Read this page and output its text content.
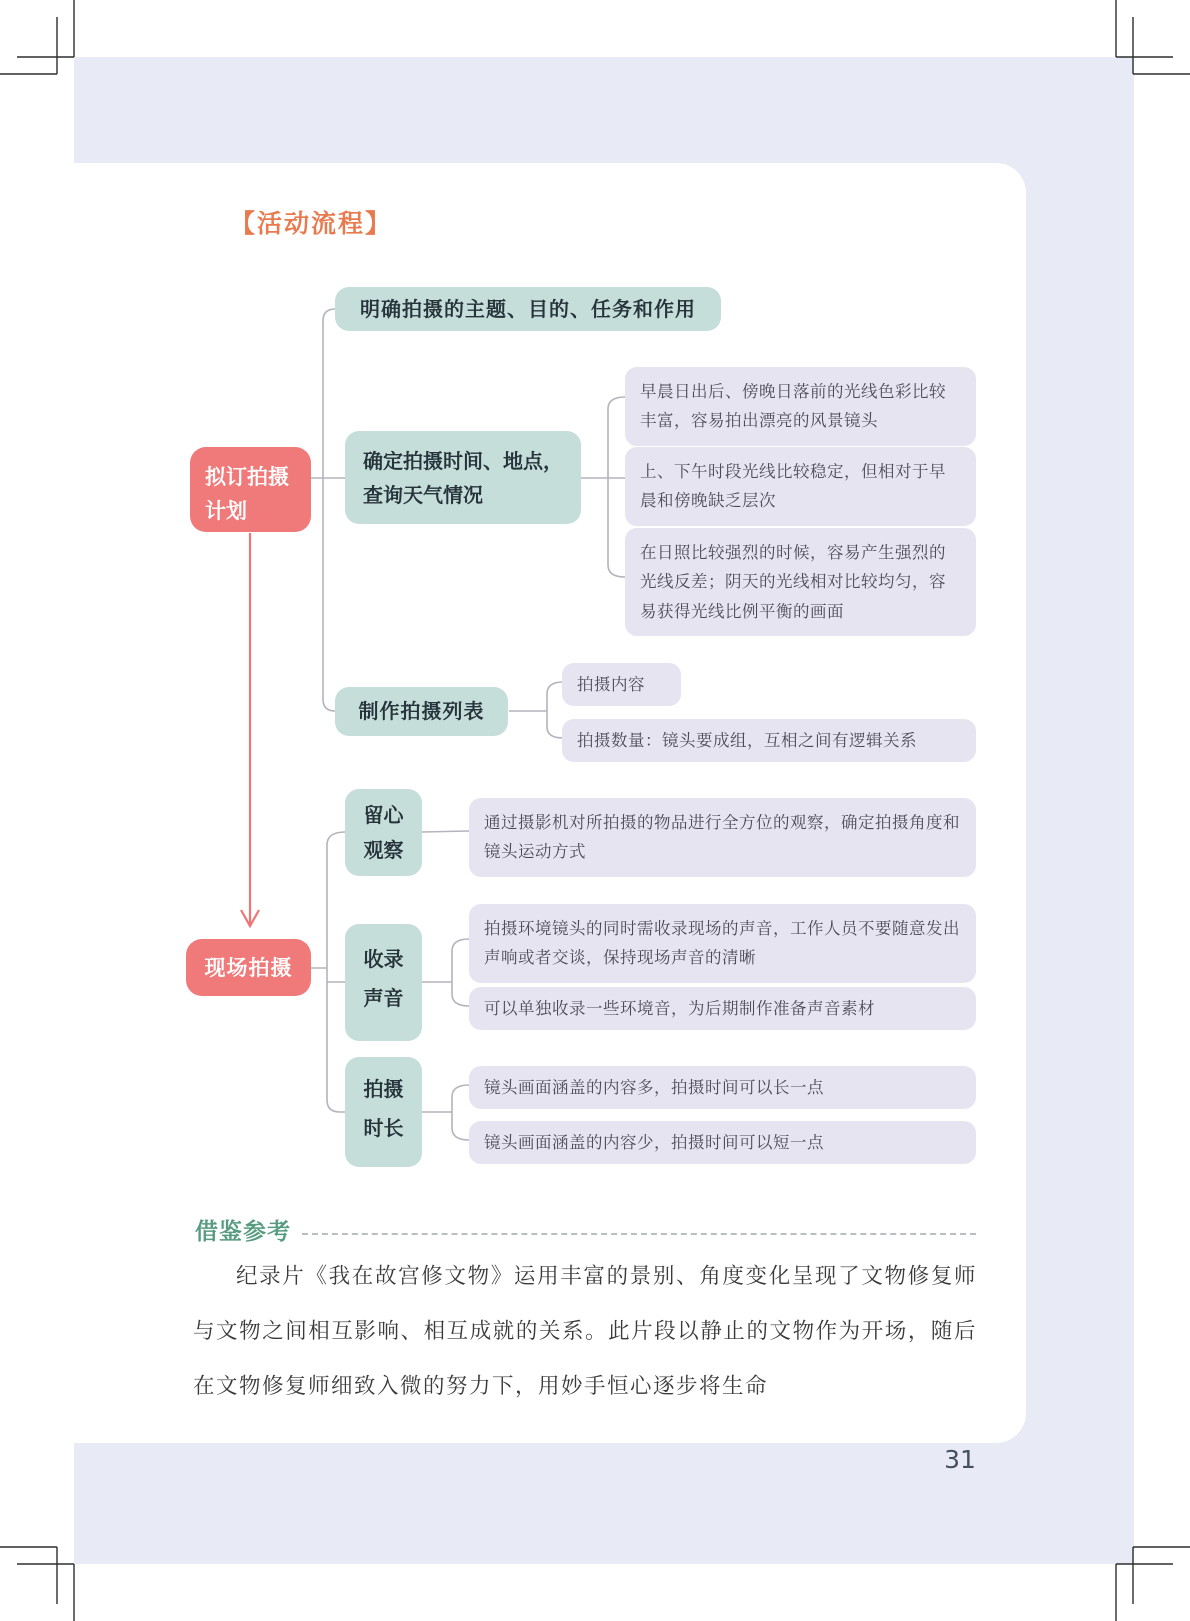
【活动流程】
拟订拍摄
计划
现场拍摄
明确拍摄的主题、目的、任务和作用
确定拍摄时间、地点，
查询天气情况
制作拍摄列表
留心
观察
收录
声音
拍摄
时长
早晨日出后、傍晚日落前的光线色彩比较丰富，容易拍出漂亮的风景镜头
上、下午时段光线比较稳定，但相对于早晨和傍晚缺乏层次
在日照比较强烈的时候，容易产生强烈的光线反差；阴天的光线相对比较均匀，容易获得光线比例平衡的画面
拍摄内容
拍摄数量：镜头要成组，互相之间有逻辑关系
通过摄影机对所拍摄的物品进行全方位的观察，确定拍摄角度和镜头运动方式
拍摄环境镜头的同时需收录现场的声音，工作人员不要随意发出声响或者交谈，保持现场声音的清晰
可以单独收录一些环境音，为后期制作准备声音素材
镜头画面涵盖的内容多，拍摄时间可以长一点
镜头画面涵盖的内容少，拍摄时间可以短一点
借鉴参考
纪录片《我在故宫修文物》运用丰富的景别、角度变化呈现了文物修复师与文物之间相互影响、相互成就的关系。此片段以静止的文物作为开场，随后在文物修复师细致入微的努力下，用妙手恒心逐步将生命
31
